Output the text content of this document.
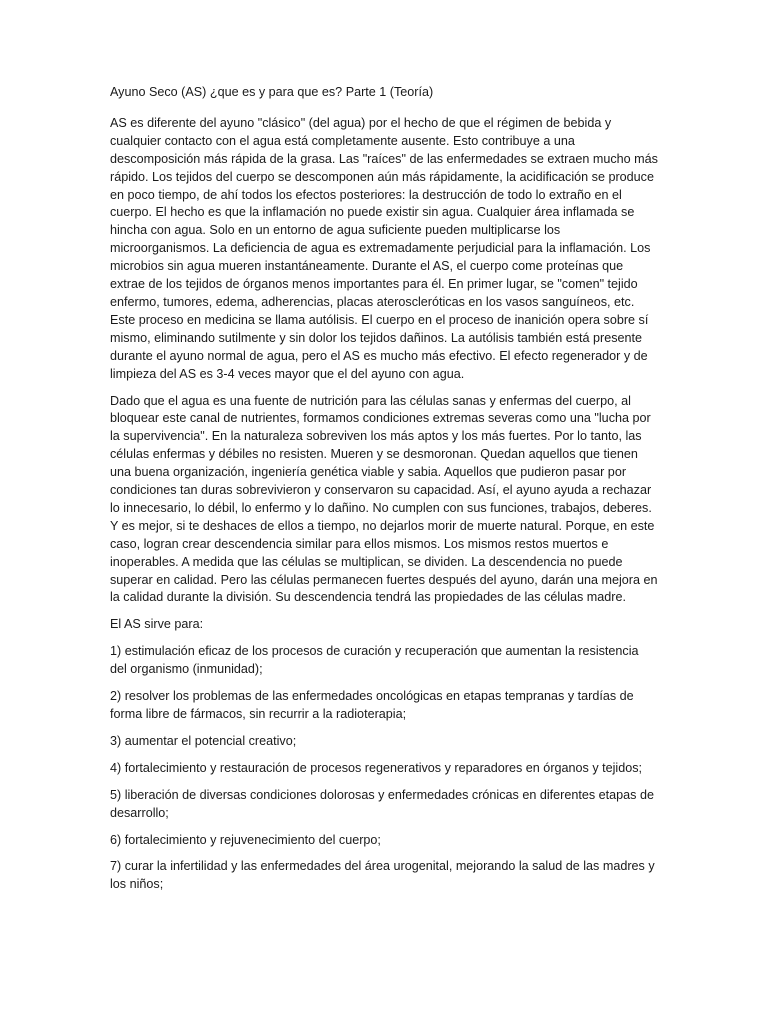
Ayuno Seco (AS) ¿que es y para que es? Parte 1 (Teoría)

AS es diferente del ayuno "clásico" (del agua) por el hecho de que el régimen de bebida y cualquier contacto con el agua está completamente ausente. Esto contribuye a una descomposición más rápida de la grasa. Las "raíces" de las enfermedades se extraen mucho más rápido. Los tejidos del cuerpo se descomponen aún más rápidamente, la acidificación se produce en poco tiempo, de ahí todos los efectos posteriores: la destrucción de todo lo extraño en el cuerpo. El hecho es que la inflamación no puede existir sin agua. Cualquier área inflamada se hincha con agua. Solo en un entorno de agua suficiente pueden multiplicarse los microorganismos. La deficiencia de agua es extremadamente perjudicial para la inflamación. Los microbios sin agua mueren instantáneamente. Durante el AS, el cuerpo come proteínas que extrae de los tejidos de órganos menos importantes para él. En primer lugar, se "comen" tejido enfermo, tumores, edema, adherencias, placas ateroscleróticas en los vasos sanguíneos, etc. Este proceso en medicina se llama autólisis. El cuerpo en el proceso de inanición opera sobre sí mismo, eliminando sutilmente y sin dolor los tejidos dañinos. La autólisis también está presente durante el ayuno normal de agua, pero el AS es mucho más efectivo. El efecto regenerador y de limpieza del AS es 3-4 veces mayor que el del ayuno con agua.

Dado que el agua es una fuente de nutrición para las células sanas y enfermas del cuerpo, al bloquear este canal de nutrientes, formamos condiciones extremas severas como una "lucha por la supervivencia". En la naturaleza sobreviven los más aptos y los más fuertes. Por lo tanto, las células enfermas y débiles no resisten. Mueren y se desmoronan. Quedan aquellos que tienen una buena organización, ingeniería genética viable y sabia. Aquellos que pudieron pasar por condiciones tan duras sobrevivieron y conservaron su capacidad. Así, el ayuno ayuda a rechazar lo innecesario, lo débil, lo enfermo y lo dañino. No cumplen con sus funciones, trabajos, deberes. Y es mejor, si te deshaces de ellos a tiempo, no dejarlos morir de muerte natural. Porque, en este caso, logran crear descendencia similar para ellos mismos. Los mismos restos muertos e inoperables. A medida que las células se multiplican, se dividen. La descendencia no puede superar en calidad. Pero las células permanecen fuertes después del ayuno, darán una mejora en la calidad durante la división. Su descendencia tendrá las propiedades de las células madre.

El AS sirve para:

1) estimulación eficaz de los procesos de curación y recuperación que aumentan la resistencia del organismo (inmunidad);

2) resolver los problemas de las enfermedades oncológicas en etapas tempranas y tardías de forma libre de fármacos, sin recurrir a la radioterapia;

3) aumentar el potencial creativo;

4) fortalecimiento y restauración de procesos regenerativos y reparadores en órganos y tejidos;

5) liberación de diversas condiciones dolorosas y enfermedades crónicas en diferentes etapas de desarrollo;

6) fortalecimiento y rejuvenecimiento del cuerpo;

7) curar la infertilidad y las enfermedades del área urogenital, mejorando la salud de las madres y los niños;
